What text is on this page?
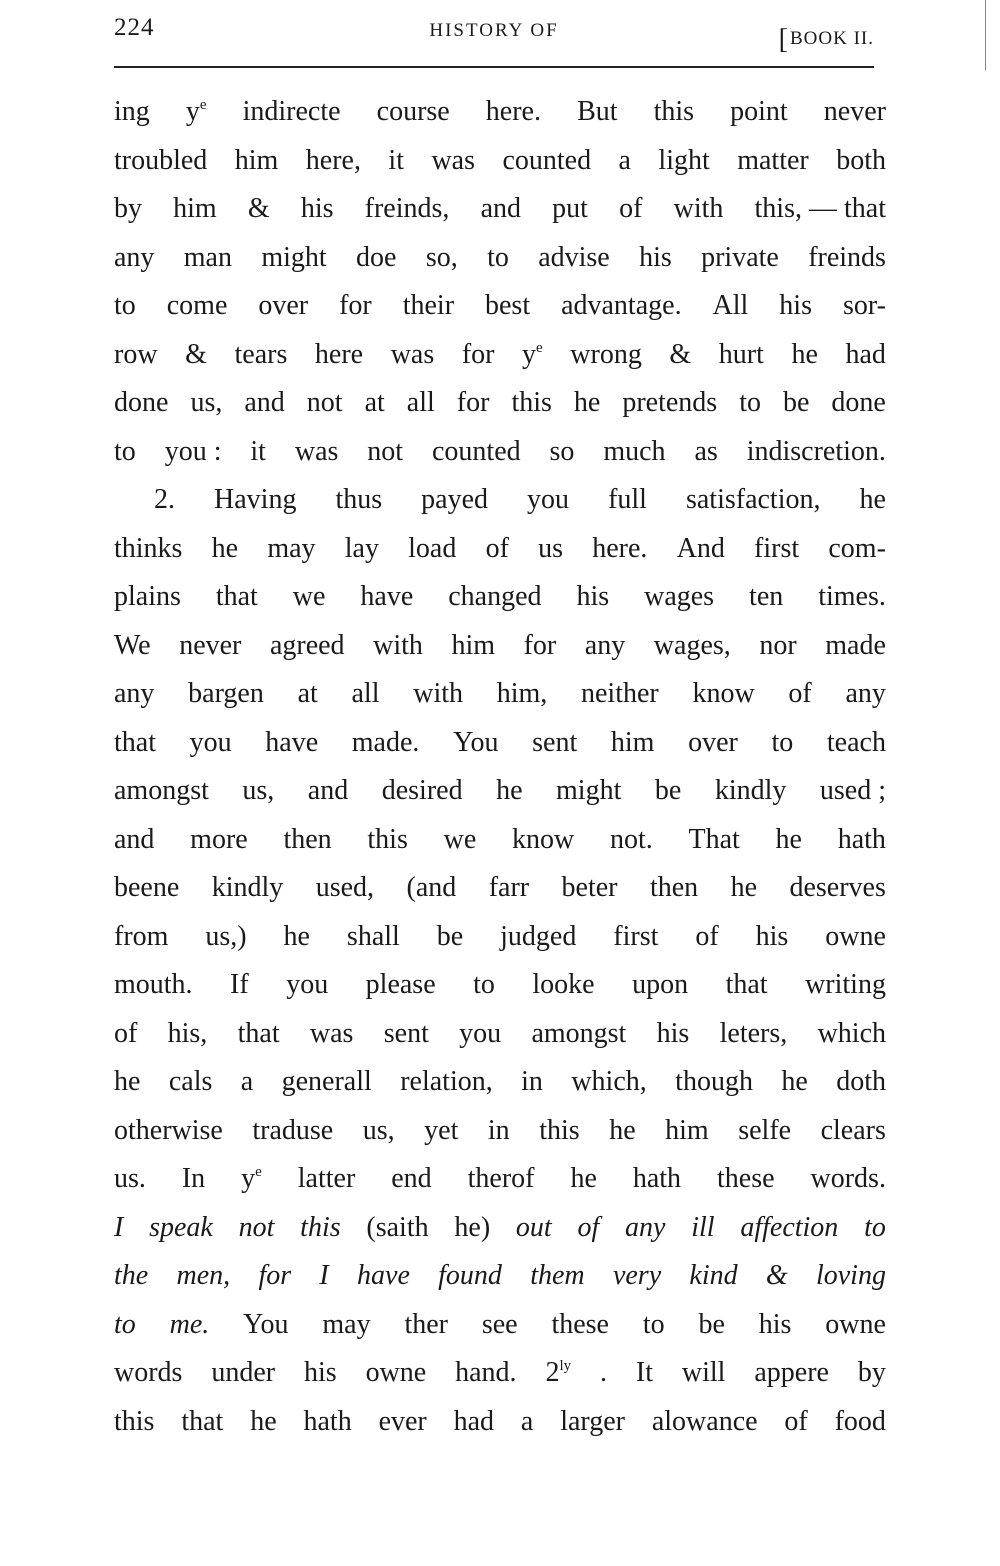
224	HISTORY OF	[BOOK II.
ing $y^e$ indirecte course here. But this point never
troubled him here, it was counted a light matter both
by him & his freinds, and put of with this, — that
any man might doe so, to advise his private freinds
to come over for their best advantage. All his sor-
row & tears here was for $y^e$ wrong & hurt he had
done us, and not at all for this he pretends to be done
to you : it was not counted so much as indiscretion.
2. Having thus payed you full satisfaction, he
thinks he may lay load of us here. And first com-
plains that we have changed his wages ten times.
We never agreed with him for any wages, nor made
any bargen at all with him, neither know of any
that you have made. You sent him over to teach
amongst us, and desired he might be kindly used ;
and more then this we know not. That he hath
beene kindly used, (and farr beter then he deserves
from us,) he shall be judged first of his owne
mouth. If you please to looke upon that writing
of his, that was sent you amongst his leters, which
he cals a generall relation, in which, though he doth
otherwise traduse us, yet in this he him selfe clears
us. In $y^e$ latter end therof he hath these words.
I speak not this (saith he) out of any ill affection to
the men, for I have found them very kind & loving
to me. You may ther see these to be his owne
words under his owne hand. $2^{ly}$ . It will appere by
this that he hath ever had a larger alowance of food
